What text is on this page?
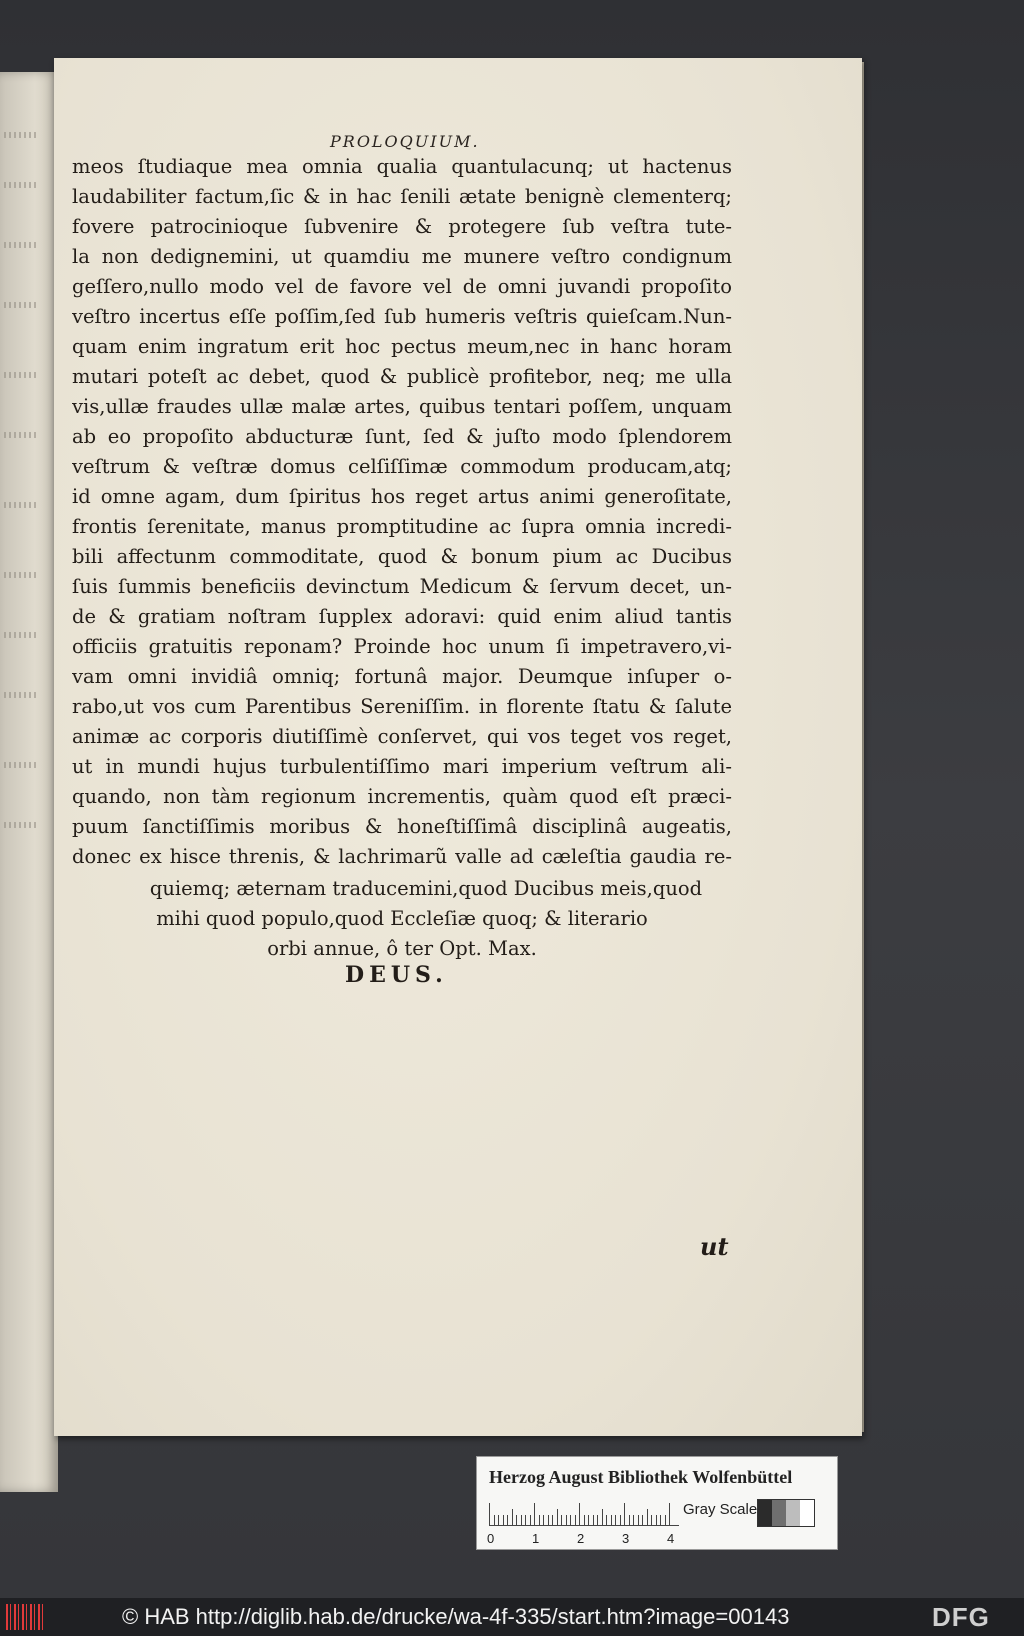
PROLOQUIUM.

meos ſtudiaque mea omnia qualia quantulacunq; ut hactenus
laudabiliter factum,ſic & in hac ſenili ætate benignè clementerq;
fovere patrocinioque ſubvenire & protegere ſub veſtra tute-
la non dedignemini, ut quamdiu me munere veſtro condignum
geſſero,nullo modo vel de favore vel de omni juvandi propoſito
veſtro incertus eſſe poſſim,ſed ſub humeris veſtris quieſcam.Nun-
quam enim ingratum erit hoc pectus meum,nec in hanc horam
mutari poteſt ac debet, quod & publicè profitebor, neq; me ulla
vis,ullæ fraudes ullæ malæ artes, quibus tentari poſſem, unquam
ab eo propoſito abducturæ ſunt, ſed & juſto modo ſplendorem
veſtrum & veſtræ domus celſiſſimæ commodum producam,atq;
id omne agam, dum ſpiritus hos reget artus animi generoſitate,
frontis ſerenitate, manus promptitudine ac ſupra omnia incredi-
bili affectunm commoditate, quod & bonum pium ac Ducibus
ſuis ſummis beneficiis devinctum Medicum & ſervum decet, un-
de & gratiam noſtram ſupplex adoravi: quid enim aliud tantis
officiis gratuitis reponam? Proinde hoc unum ſi impetravero,vi-
vam omni invidiâ omniq; fortunâ major. Deumque inſuper o-
rabo,ut vos cum Parentibus Sereniſſim. in florente ſtatu & ſalute
animæ ac corporis diutiſſimè conſervet, qui vos teget vos reget,
ut in mundi hujus turbulentiſſimo mari imperium veſtrum ali-
quando, non tàm regionum incrementis, quàm quod eſt præci-
puum ſanctiſſimis moribus & honeſtiſſimâ disciplinâ augeatis,
donec ex hisce threnis, & lachrimarũ valle ad cæleſtia gaudia re-
quiemq; æternam traducemini,quod Ducibus meis,quod
mihi quod populo,quod Eccleſiæ quoq; & literario
orbi annue, ô ter Opt. Max.

DEUS.

ut
Herzog August Bibliothek Wolfenbüttel
0	1	2	3	4
Gray Scale
© HAB http://diglib.hab.de/drucke/wa-4f-335/start.htm?image=00143	DFG
